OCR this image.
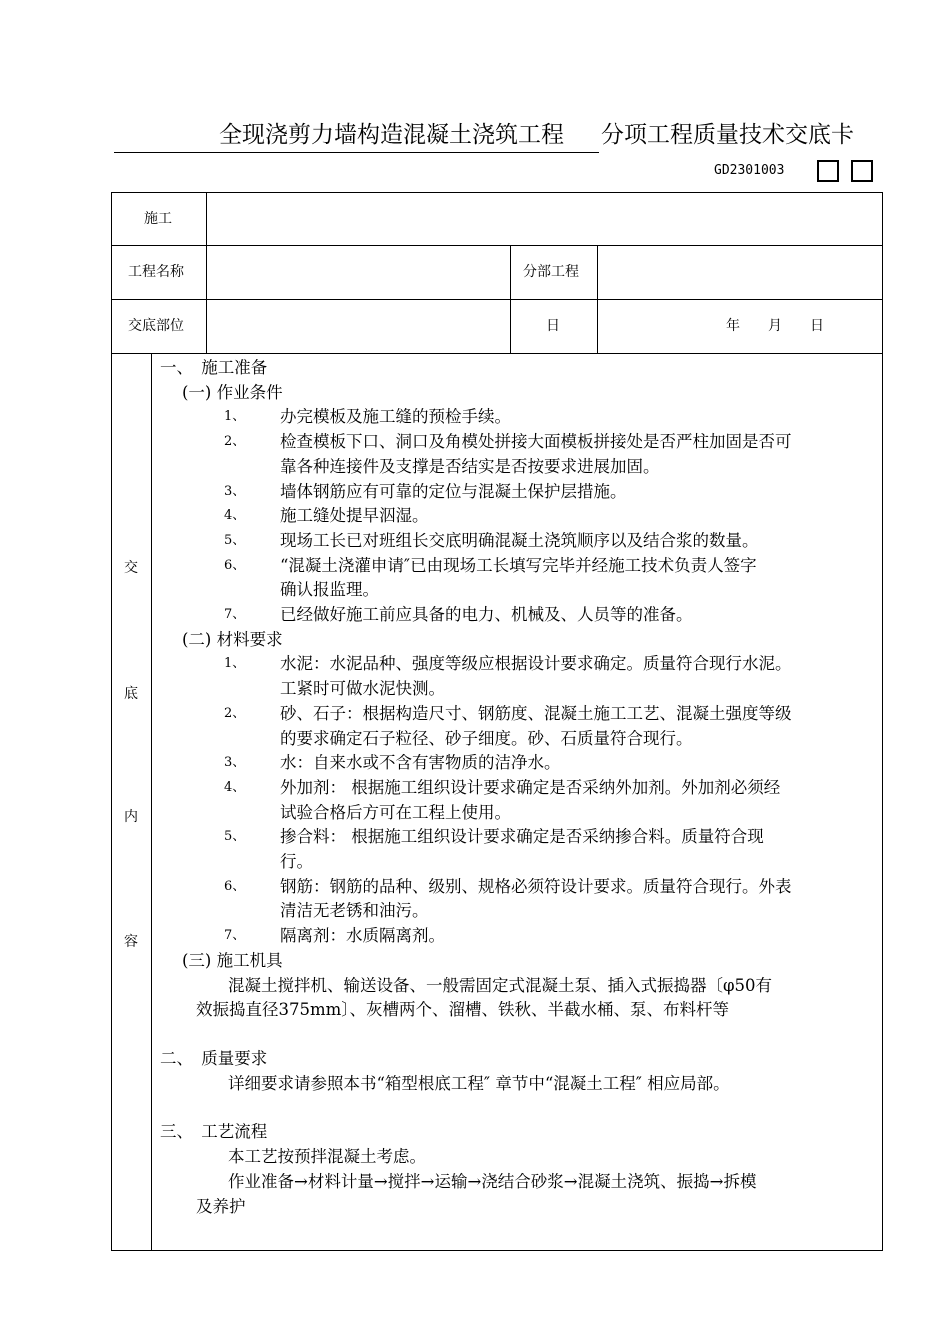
全现浇剪力墙构造混凝土浇筑工程 分项工程质量技术交底卡
GD2301003
施工
工程名称	分部工程
交底部位	日	年　　月　　日
交
底
内
容

一、　施工准备

(一) 作业条件

1、 办完模板及施工缝的预检手续。
2、 检查模板下口、洞口及角模处拼接大面模板拼接处是否严柱加固是否可
靠各种连接件及支撑是否结实是否按要求进展加固。
3、 墙体钢筋应有可靠的定位与混凝土保护层措施。
4、 施工缝处提早泅湿。
5、 现场工长已对班组长交底明确混凝土浇筑顺序以及结合浆的数量。
6、 “混凝土浇灌申请″已由现场工长填写完毕并经施工技术负责人签字
确认报监理。
7、 已经做好施工前应具备的电力、机械及、人员等的准备。

(二) 材料要求

1、 水泥：水泥品种、强度等级应根据设计要求确定。质量符合现行水泥。
工紧时可做水泥快测。
2、 砂、石子：根据构造尺寸、钢筋度、混凝土施工工艺、混凝土强度等级
的要求确定石子粒径、砂子细度。砂、石质量符合现行。
3、 水：自来水或不含有害物质的洁净水。
4、 外加剂： 根据施工组织设计要求确定是否采纳外加剂。外加剂必须经
试验合格后方可在工程上使用。
5、 掺合料： 根据施工组织设计要求确定是否采纳掺合料。质量符合现
行。
6、 钢筋：钢筋的品种、级别、规格必须符设计要求。质量符合现行。外表
清洁无老锈和油污。
7、 隔离剂：水质隔离剂。

(三) 施工机具

混凝土搅拌机、输送设备、一般需固定式混凝土泵、插入式振捣器〔φ50有

效振捣直径375mm〕、灰槽两个、溜槽、铁秋、半截水桶、泵、布料杆等

二、　质量要求

详细要求请参照本书“箱型根底工程″ 章节中“混凝土工程″ 相应局部。

三、　工艺流程

本工艺按预拌混凝土考虑。

作业准备→材料计量→搅拌→运输→浇结合砂浆→混凝土浇筑、振捣→拆模

及养护
